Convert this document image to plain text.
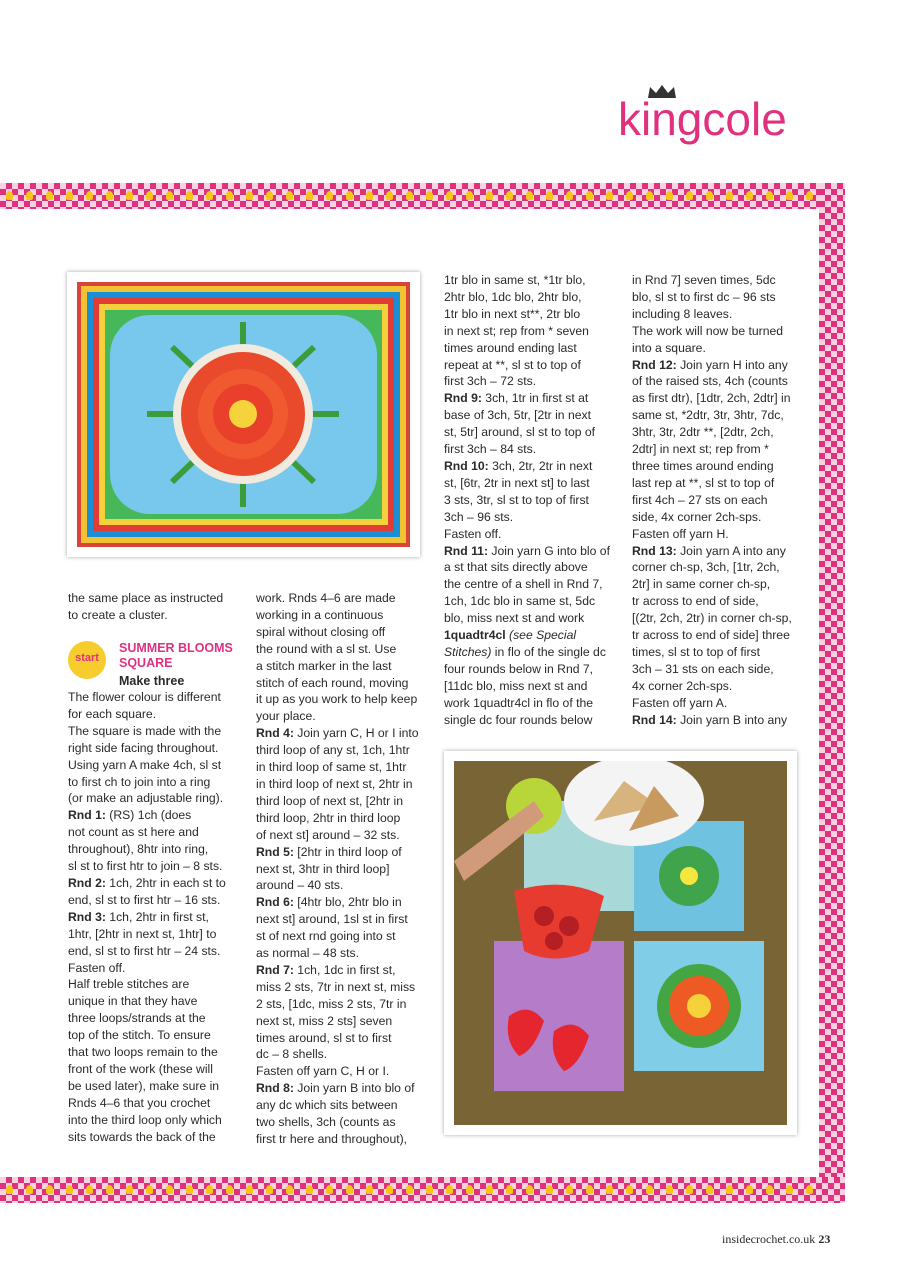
kingcole

the same place as instructed

to create a cluster.

start
SUMMER BLOOMS SQUARE
Make three

The flower colour is different

for each square.

The square is made with the

right side facing throughout.

Using yarn A make 4ch, sl st

to first ch to join into a ring

(or make an adjustable ring).

Rnd 1: (RS) 1ch (does

not count as st here and

throughout), 8htr into ring,

sl st to first htr to join – 8 sts.

Rnd 2: 1ch, 2htr in each st to

end, sl st to first htr – 16 sts.

Rnd 3: 1ch, 2htr in first st,

1htr, [2htr in next st, 1htr] to

end, sl st to first htr – 24 sts.

Fasten off.

Half treble stitches are

unique in that they have

three loops/strands at the

top of the stitch. To ensure

that two loops remain to the

front of the work (these will

be used later), make sure in

Rnds 4–6 that you crochet

into the third loop only which

sits towards the back of the

work. Rnds 4–6 are made

working in a continuous

spiral without closing off

the round with a sl st. Use

a stitch marker in the last

stitch of each round, moving

it up as you work to help keep

your place.

Rnd 4: Join yarn C, H or I into

third loop of any st, 1ch, 1htr

in third loop of same st, 1htr

in third loop of next st, 2htr in

third loop of next st, [2htr in

third loop, 2htr in third loop

of next st] around – 32 sts.

Rnd 5: [2htr in third loop of

next st, 3htr in third loop]

around – 40 sts.

Rnd 6: [4htr blo, 2htr blo in

next st] around, 1sl st in first

st of next rnd going into st

as normal – 48 sts.

Rnd 7: 1ch, 1dc in first st,

miss 2 sts, 7tr in next st, miss

2 sts, [1dc, miss 2 sts, 7tr in

next st, miss 2 sts] seven

times around, sl st to first

dc – 8 shells.

Fasten off yarn C, H or I.

Rnd 8: Join yarn B into blo of

any dc which sits between

two shells, 3ch (counts as

first tr here and throughout),

1tr blo in same st, *1tr blo,

2htr blo, 1dc blo, 2htr blo,

1tr blo in next st**, 2tr blo

in next st; rep from * seven

times around ending last

repeat at **, sl st to top of

first 3ch – 72 sts.

Rnd 9: 3ch, 1tr in first st at

base of 3ch, 5tr, [2tr in next

st, 5tr] around, sl st to top of

first 3ch – 84 sts.

Rnd 10: 3ch, 2tr, 2tr in next

st, [6tr, 2tr in next st] to last

3 sts, 3tr, sl st to top of first

3ch – 96 sts.

Fasten off.

Rnd 11: Join yarn G into blo of

a st that sits directly above

the centre of a shell in Rnd 7,

1ch, 1dc blo in same st, 5dc

blo, miss next st and work

1quadtr4cl (see Special

Stitches) in flo of the single dc

four rounds below in Rnd 7,

[11dc blo, miss next st and

work 1quadtr4cl in flo of the

single dc four rounds below

in Rnd 7] seven times, 5dc

blo, sl st to first dc – 96 sts

including 8 leaves.

The work will now be turned

into a square.

Rnd 12: Join yarn H into any

of the raised sts, 4ch (counts

as first dtr), [1dtr, 2ch, 2dtr] in

same st, *2dtr, 3tr, 3htr, 7dc,

3htr, 3tr, 2dtr **, [2dtr, 2ch,

2dtr] in next st; rep from *

three times around ending

last rep at **, sl st to top of

first 4ch – 27 sts on each

side, 4x corner 2ch-sps.

Fasten off yarn H.

Rnd 13: Join yarn A into any

corner ch-sp, 3ch, [1tr, 2ch,

2tr] in same corner ch-sp,

tr across to end of side,

[(2tr, 2ch, 2tr) in corner ch-sp,

tr across to end of side] three

times, sl st to top of first

3ch – 31 sts on each side,

4x corner 2ch-sps.

Fasten off yarn A.

Rnd 14: Join yarn B into any

insidecrochet.co.uk 23
